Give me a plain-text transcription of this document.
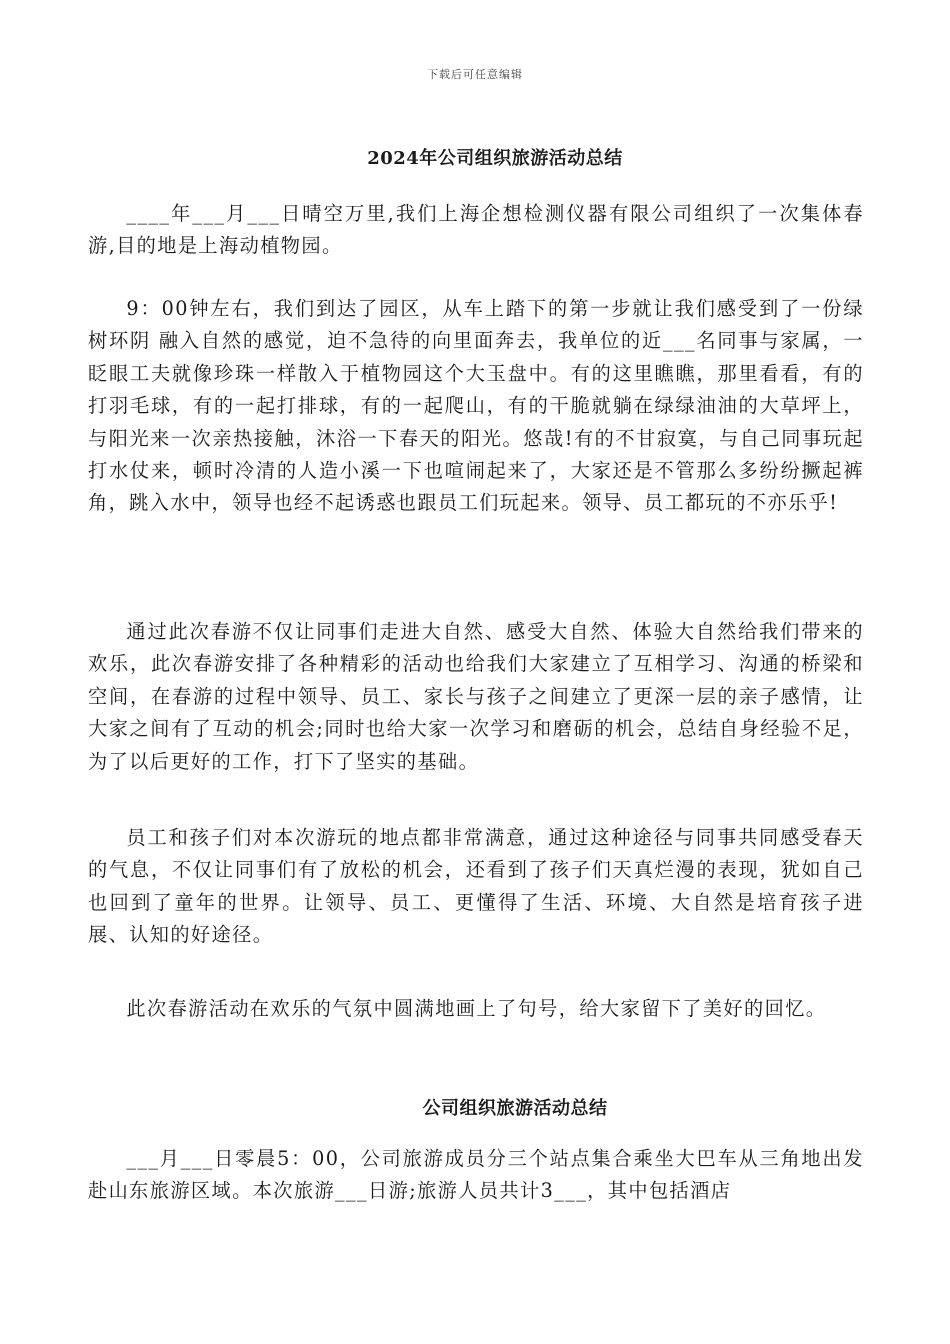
下载后可任意编辑
2024年公司组织旅游活动总结

____年___月___日晴空万里,我们上海企想检测仪器有限公司组织了一次集体春游,目的地是上海动植物园。

9：00钟左右，我们到达了园区，从车上踏下的第一步就让我们感受到了一份绿树环阴 融入自然的感觉，迫不急待的向里面奔去，我单位的近___名同事与家属，一眨眼工夫就像珍珠一样散入于植物园这个大玉盘中。有的这里瞧瞧，那里看看，有的打羽毛球，有的一起打排球，有的一起爬山，有的干脆就躺在绿绿油油的大草坪上，与阳光来一次亲热接触，沐浴一下春天的阳光。悠哉!有的不甘寂寞，与自己同事玩起打水仗来，顿时冷清的人造小溪一下也喧闹起来了，大家还是不管那么多纷纷撅起裤角，跳入水中，领导也经不起诱惑也跟员工们玩起来。领导、员工都玩的不亦乐乎!

通过此次春游不仅让同事们走进大自然、感受大自然、体验大自然给我们带来的欢乐，此次春游安排了各种精彩的活动也给我们大家建立了互相学习、沟通的桥梁和空间，在春游的过程中领导、员工、家长与孩子之间建立了更深一层的亲子感情，让大家之间有了互动的机会;同时也给大家一次学习和磨砺的机会，总结自身经验不足，为了以后更好的工作，打下了坚实的基础。

员工和孩子们对本次游玩的地点都非常满意，通过这种途径与同事共同感受春天的气息，不仅让同事们有了放松的机会，还看到了孩子们天真烂漫的表现，犹如自己也回到了童年的世界。让领导、员工、更懂得了生活、环境、大自然是培育孩子进展、认知的好途径。

此次春游活动在欢乐的气氛中圆满地画上了句号，给大家留下了美好的回忆。

公司组织旅游活动总结

___月___日零晨5：00，公司旅游成员分三个站点集合乘坐大巴车从三角地出发赴山东旅游区域。本次旅游___日游;旅游人员共计3___，其中包括酒店
